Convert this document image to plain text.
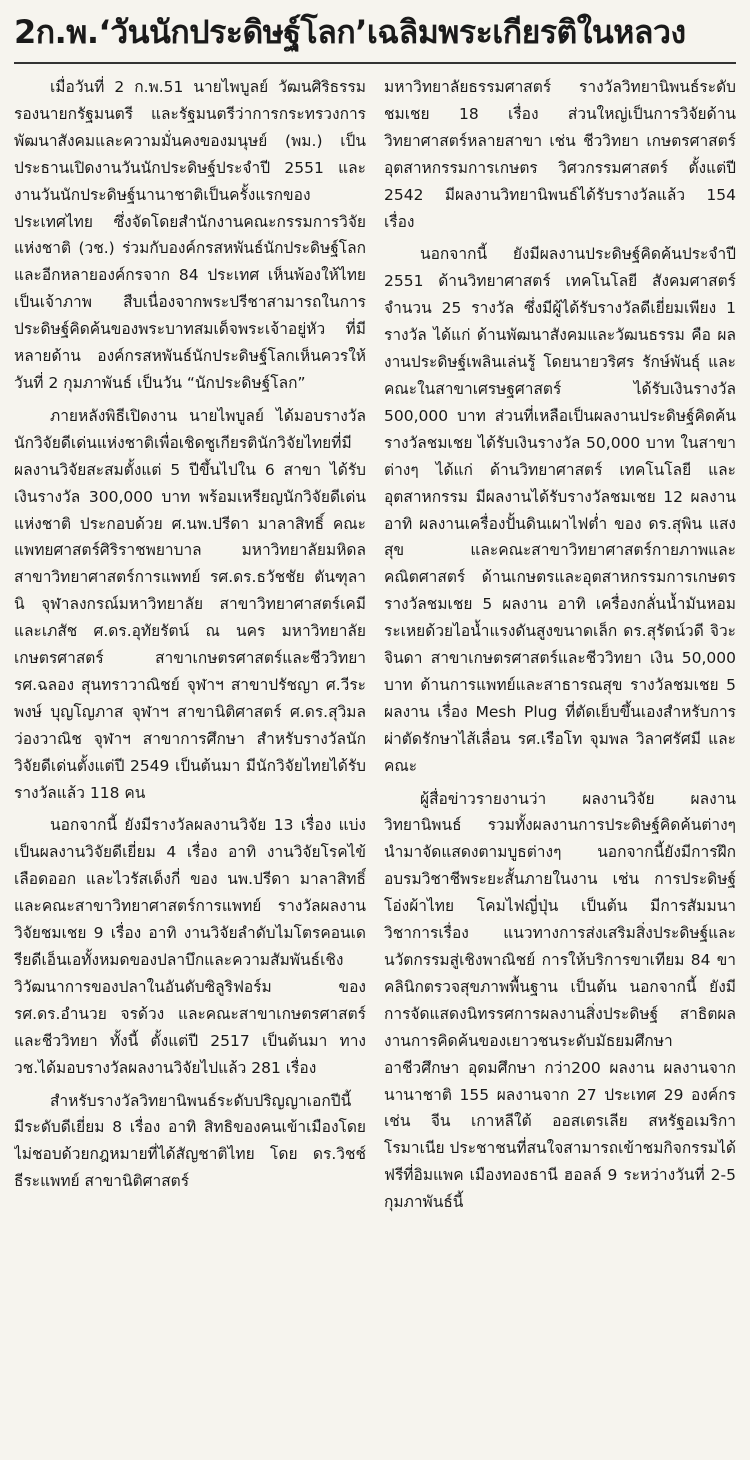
2ก.พ.‘วันนักประดิษฐ์โลก’เฉลิมพระเกียรติในหลวง

เมื่อวันที่ 2 ก.พ.51 นายไพบูลย์ วัฒนศิริธรรม รองนายกรัฐมนตรี และรัฐมนตรีว่าการกระทรวงการพัฒนาสังคมและความมั่นคงของมนุษย์ (พม.) เป็นประธานเปิดงานวันนักประดิษฐ์ประจำปี 2551 และงานวันนักประดิษฐ์นานาชาติเป็นครั้งแรกของประเทศไทย ซึ่งจัดโดยสำนักงานคณะกรรมการวิจัยแห่งชาติ (วช.) ร่วมกับองค์กรสหพันธ์นักประดิษฐ์โลก และอีกหลายองค์กรจาก 84 ประเทศ เห็นพ้องให้ไทยเป็นเจ้าภาพ สืบเนื่องจากพระปรีชาสามารถในการประดิษฐ์คิดค้นของพระบาทสมเด็จพระเจ้าอยู่หัว ที่มีหลายด้าน องค์กรสหพันธ์นักประดิษฐ์โลกเห็นควรให้วันที่ 2 กุมภาพันธ์ เป็นวัน “นักประดิษฐ์โลก”

ภายหลังพิธีเปิดงาน นายไพบูลย์ ได้มอบรางวัลนักวิจัยดีเด่นแห่งชาติเพื่อเชิดชูเกียรตินักวิจัยไทยที่มีผลงานวิจัยสะสมตั้งแต่ 5 ปีขึ้นไปใน 6 สาขา ได้รับเงินรางวัล 300,000 บาท พร้อมเหรียญนักวิจัยดีเด่นแห่งชาติ ประกอบด้วย ศ.นพ.ปรีดา มาลาสิทธิ์ คณะแพทยศาสตร์ศิริราชพยาบาล มหาวิทยาลัยมหิดล สาขาวิทยาศาสตร์การแพทย์ รศ.ดร.ธวัชชัย ตันฑุลานิ จุฬาลงกรณ์มหาวิทยาลัย สาขาวิทยาศาสตร์เคมีและเภสัช ศ.ดร.อุทัยรัตน์ ณ นคร มหาวิทยาลัยเกษตรศาสตร์ สาขาเกษตรศาสตร์และชีววิทยา รศ.ฉลอง สุนทราวาณิชย์ จุฬาฯ สาขาปรัชญา ศ.วีระพงษ์ บุญโญภาส จุฬาฯ สาขานิติศาสตร์ ศ.ดร.สุวิมล ว่องวาณิช จุฬาฯ สาขาการศึกษา สำหรับรางวัลนักวิจัยดีเด่นตั้งแต่ปี 2549 เป็นต้นมา มีนักวิจัยไทยได้รับรางวัลแล้ว 118 คน

นอกจากนี้ ยังมีรางวัลผลงานวิจัย 13 เรื่อง แบ่งเป็นผลงานวิจัยดีเยี่ยม 4 เรื่อง อาทิ งานวิจัยโรคไข้เลือดออก และไวรัสเด็งกี่ ของ นพ.ปรีดา มาลาสิทธิ์ และคณะสาขาวิทยาศาสตร์การแพทย์ รางวัลผลงานวิจัยชมเชย 9 เรื่อง อาทิ งานวิจัยลำดับไมโตรคอนเดรียดีเอ็นเอทั้งหมดของปลาบึกและความสัมพันธ์เชิงวิวัฒนาการของปลาในอันดับซิลูริฟอร์ม ของ รศ.ดร.อำนวย จรด้วง และคณะสาขาเกษตรศาสตร์และชีววิทยา ทั้งนี้ ตั้งแต่ปี 2517 เป็นต้นมา ทาง วช.ได้มอบรางวัลผลงานวิจัยไปแล้ว 281 เรื่อง

สำหรับรางวัลวิทยานิพนธ์ระดับปริญญาเอกปีนี้ มีระดับดีเยี่ยม 8 เรื่อง อาทิ สิทธิของคนเข้าเมืองโดยไม่ชอบด้วยกฎหมายที่ได้สัญชาติไทย โดย ดร.วิชช์ ธีระแพทย์ สาขานิติศาสตร์

มหาวิทยาลัยธรรมศาสตร์ รางวัลวิทยานิพนธ์ระดับชมเชย 18 เรื่อง ส่วนใหญ่เป็นการวิจัยด้านวิทยาศาสตร์หลายสาขา เช่น ชีววิทยา เกษตรศาสตร์ อุตสาหกรรมการเกษตร วิศวกรรมศาสตร์ ตั้งแต่ปี 2542 มีผลงานวิทยานิพนธ์ได้รับรางวัลแล้ว 154 เรื่อง

นอกจากนี้ ยังมีผลงานประดิษฐ์คิดค้นประจำปี 2551 ด้านวิทยาศาสตร์ เทคโนโลยี สังคมศาสตร์ จำนวน 25 รางวัล ซึ่งมีผู้ได้รับรางวัลดีเยี่ยมเพียง 1 รางวัล ได้แก่ ด้านพัฒนาสังคมและวัฒนธรรม คือ ผลงานประดิษฐ์เพลินเล่นรู้ โดยนายวริศร รักษ์พันธุ์ และคณะในสาขาเศรษฐศาสตร์ ได้รับเงินรางวัล 500,000 บาท ส่วนที่เหลือเป็นผลงานประดิษฐ์คิดค้นรางวัลชมเชย ได้รับเงินรางวัล 50,000 บาท ในสาขาต่างๆ ได้แก่ ด้านวิทยาศาสตร์ เทคโนโลยี และอุตสาหกรรม มีผลงานได้รับรางวัลชมเชย 12 ผลงาน อาทิ ผลงานเครื่องปั้นดินเผาไฟต่ำ ของ ดร.สุพิน แสงสุข และคณะสาขาวิทยาศาสตร์กายภาพและคณิตศาสตร์ ด้านเกษตรและอุตสาหกรรมการเกษตร รางวัลชมเชย 5 ผลงาน อาทิ เครื่องกลั่นน้ำมันหอมระเหยด้วยไอน้ำแรงดันสูงขนาดเล็ก ดร.สุรัตน์วดี จิวะจินดา สาขาเกษตรศาสตร์และชีววิทยา เงิน 50,000 บาท ด้านการแพทย์และสาธารณสุข รางวัลชมเชย 5 ผลงาน เรื่อง Mesh Plug ที่ตัดเย็บขึ้นเองสำหรับการผ่าตัดรักษาไส้เลื่อน รศ.เรือโท จุมพล วิลาศรัศมี และคณะ

ผู้สื่อข่าวรายงานว่า ผลงานวิจัย ผลงานวิทยานิพนธ์ รวมทั้งผลงานการประดิษฐ์คิดค้นต่างๆ นำมาจัดแสดงตามบูธต่างๆ นอกจากนี้ยังมีการฝึกอบรมวิชาชีพระยะสั้นภายในงาน เช่น การประดิษฐ์โอ่งผ้าไทย โคมไฟญี่ปุ่น เป็นต้น มีการสัมมนาวิชาการเรื่อง แนวทางการส่งเสริมสิ่งประดิษฐ์และนวัตกรรมสู่เชิงพาณิชย์ การให้บริการขาเทียม 84 ขา คลินิกตรวจสุขภาพพื้นฐาน เป็นต้น นอกจากนี้ ยังมีการจัดแสดงนิทรรศการผลงานสิ่งประดิษฐ์ สาธิตผลงานการคิดค้นของเยาวชนระดับมัธยมศึกษา อาชีวศึกษา อุดมศึกษา กว่า200 ผลงาน ผลงานจากนานาชาติ 155 ผลงานจาก 27 ประเทศ 29 องค์กร เช่น จีน เกาหลีใต้ ออสเตรเลีย สหรัฐอเมริกา โรมาเนีย ประชาชนที่สนใจสามารถเข้าชมกิจกรรมได้ฟรีที่อิมแพค เมืองทองธานี ฮอลล์ 9 ระหว่างวันที่ 2-5 กุมภาพันธ์นี้
